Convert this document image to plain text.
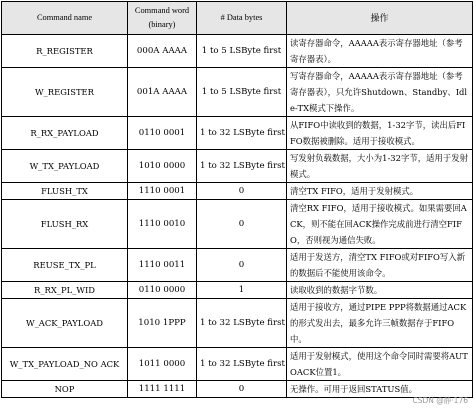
Command name	Command word (binary)	# Data bytes	操作
R_REGISTER	000A AAAA	1 to 5 LSByte first	读寄存器命令，AAAAA表示寄存器地址（参考寄存器表）。
W_REGISTER	001A AAAA	1 to 5 LSByte first	写寄存器命令，AAAAA表示寄存器地址（参考寄存器表），只允许Shutdown、Standby、Idle-TX模式下操作。
R_RX_PAYLOAD	0110 0001	1 to 32 LSByte first	从FIFO中读收到的数据，1-32字节，读出后FIFO数据被删除。适用于接收模式。
W_TX_PAYLOAD	1010 0000	1 to 32 LSByte first	写发射负载数据，大小为1-32字节，适用于发射模式。
FLUSH_TX	1110 0001	0	清空TX FIFO，适用于发射模式。
FLUSH_RX	1110 0010	0	清空RX FIFO，适用于接收模式。如果需要回ACK，则不能在回ACK操作完成前进行清空FIFO，否则视为通信失败。
REUSE_TX_PL	1110 0011	0	适用于发送方，清空TX FIFO或对FIFO写入新的数据后不能使用该命令。
R_RX_PL_WID	0110 0000	1	读取收到的数据字节数。
W_ACK_PAYLOAD	1010 1PPP	1 to 32 LSByte first	适用于接收方，通过PIPE PPP将数据通过ACK的形式发出去，最多允许三帧数据存于FIFO中。
W_TX_PAYLOAD_NO ACK	1011 0000	1 to 32 LSByte first	适用于发射模式，使用这个命令同时需要将AUTOACK位置1。
NOP	1111 1111	0	无操作。可用于返回STATUS值。
CSDN @静·176
